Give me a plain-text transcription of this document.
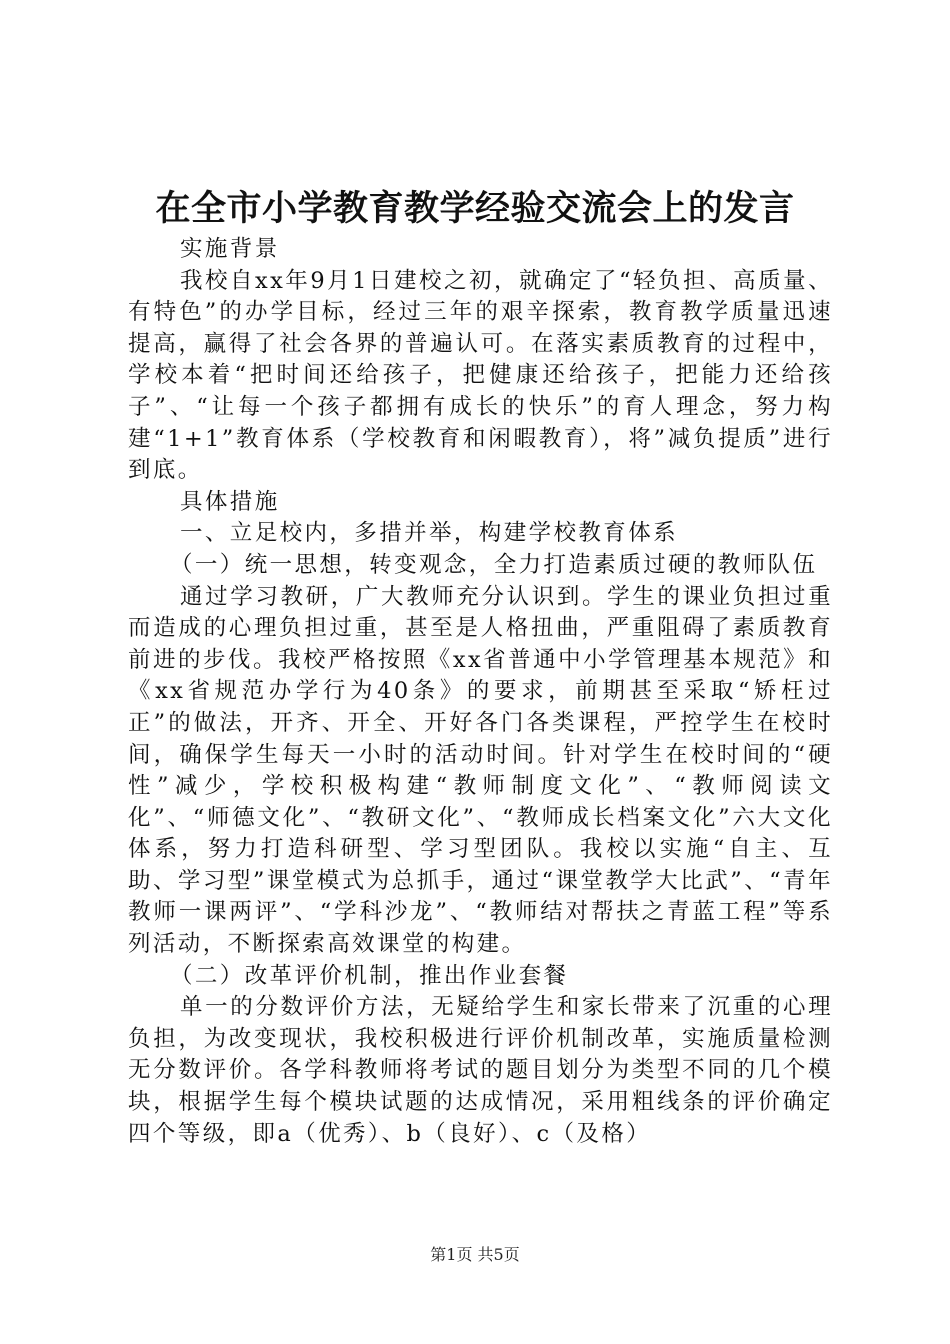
在全市小学教育教学经验交流会上的发言

实施背景

我校自xx年9月1日建校之初，就确定了“轻负担、高质量、有特色”的办学目标，经过三年的艰辛探索，教育教学质量迅速提高，赢得了社会各界的普遍认可。在落实素质教育的过程中，学校本着“把时间还给孩子，把健康还给孩子，把能力还给孩子”、“让每一个孩子都拥有成长的快乐”的育人理念，努力构建“1+1”教育体系（学校教育和闲暇教育），将”减负提质”进行到底。

具体措施

一、立足校内，多措并举，构建学校教育体系

（一）统一思想，转变观念，全力打造素质过硬的教师队伍

通过学习教研，广大教师充分认识到。学生的课业负担过重而造成的心理负担过重，甚至是人格扭曲，严重阻碍了素质教育前进的步伐。我校严格按照《xx省普通中小学管理基本规范》和《xx省规范办学行为40条》的要求，前期甚至采取“矫枉过正”的做法，开齐、开全、开好各门各类课程，严控学生在校时间，确保学生每天一小时的活动时间。针对学生在校时间的“硬性”减少，学校积极构建“教师制度文化”、“教师阅读文化”、“师德文化”、“教研文化”、“教师成长档案文化”六大文化体系，努力打造科研型、学习型团队。我校以实施“自主、互助、学习型”课堂模式为总抓手，通过“课堂教学大比武”、“青年教师一课两评”、“学科沙龙”、“教师结对帮扶之青蓝工程”等系列活动，不断探索高效课堂的构建。

（二）改革评价机制，推出作业套餐

单一的分数评价方法，无疑给学生和家长带来了沉重的心理负担，为改变现状，我校积极进行评价机制改革，实施质量检测无分数评价。各学科教师将考试的题目划分为类型不同的几个模块，根据学生每个模块试题的达成情况，采用粗线条的评价确定四个等级，即a（优秀）、b（良好）、c（及格）

第1页 共5页
